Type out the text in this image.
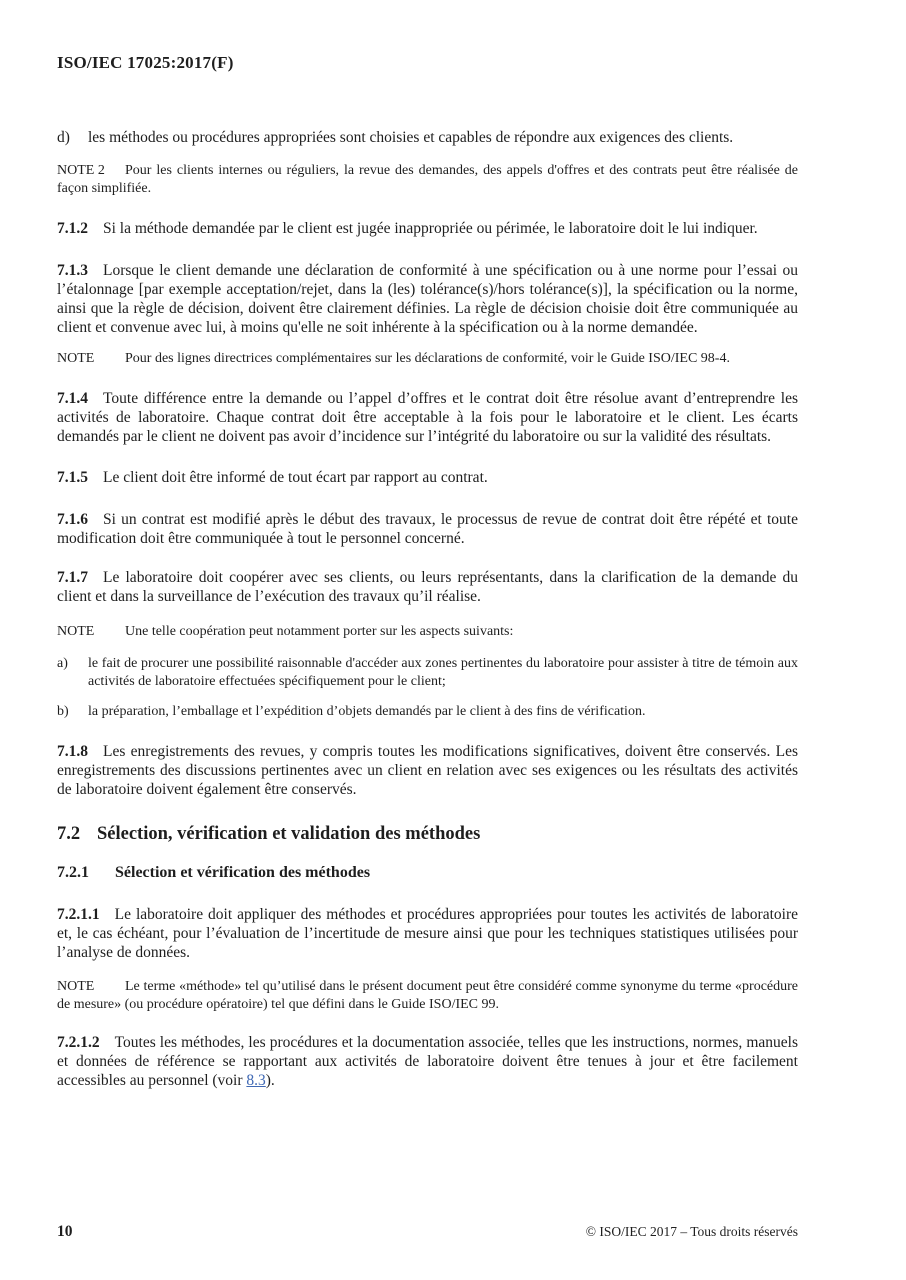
ISO/IEC 17025:2017(F)
d) les méthodes ou procédures appropriées sont choisies et capables de répondre aux exigences des clients.
NOTE 2 Pour les clients internes ou réguliers, la revue des demandes, des appels d'offres et des contrats peut être réalisée de façon simplifiée.
7.1.2 Si la méthode demandée par le client est jugée inappropriée ou périmée, le laboratoire doit le lui indiquer.
7.1.3 Lorsque le client demande une déclaration de conformité à une spécification ou à une norme pour l’essai ou l’étalonnage [par exemple acceptation/rejet, dans la (les) tolérance(s)/hors tolérance(s)], la spécification ou la norme, ainsi que la règle de décision, doivent être clairement définies. La règle de décision choisie doit être communiquée au client et convenue avec lui, à moins qu'elle ne soit inhérente à la spécification ou à la norme demandée.
NOTE Pour des lignes directrices complémentaires sur les déclarations de conformité, voir le Guide ISO/IEC 98-4.
7.1.4 Toute différence entre la demande ou l’appel d’offres et le contrat doit être résolue avant d’entreprendre les activités de laboratoire. Chaque contrat doit être acceptable à la fois pour le laboratoire et le client. Les écarts demandés par le client ne doivent pas avoir d’incidence sur l’intégrité du laboratoire ou sur la validité des résultats.
7.1.5 Le client doit être informé de tout écart par rapport au contrat.
7.1.6 Si un contrat est modifié après le début des travaux, le processus de revue de contrat doit être répété et toute modification doit être communiquée à tout le personnel concerné.
7.1.7 Le laboratoire doit coopérer avec ses clients, ou leurs représentants, dans la clarification de la demande du client et dans la surveillance de l’exécution des travaux qu’il réalise.
NOTE Une telle coopération peut notamment porter sur les aspects suivants:
a) le fait de procurer une possibilité raisonnable d'accéder aux zones pertinentes du laboratoire pour assister à titre de témoin aux activités de laboratoire effectuées spécifiquement pour le client;
b) la préparation, l’emballage et l’expédition d’objets demandés par le client à des fins de vérification.
7.1.8 Les enregistrements des revues, y compris toutes les modifications significatives, doivent être conservés. Les enregistrements des discussions pertinentes avec un client en relation avec ses exigences ou les résultats des activités de laboratoire doivent également être conservés.
7.2 Sélection, vérification et validation des méthodes
7.2.1 Sélection et vérification des méthodes
7.2.1.1 Le laboratoire doit appliquer des méthodes et procédures appropriées pour toutes les activités de laboratoire et, le cas échéant, pour l’évaluation de l’incertitude de mesure ainsi que pour les techniques statistiques utilisées pour l’analyse de données.
NOTE Le terme «méthode» tel qu’utilisé dans le présent document peut être considéré comme synonyme du terme «procédure de mesure» (ou procédure opératoire) tel que défini dans le Guide ISO/IEC 99.
7.2.1.2 Toutes les méthodes, les procédures et la documentation associée, telles que les instructions, normes, manuels et données de référence se rapportant aux activités de laboratoire doivent être tenues à jour et être facilement accessibles au personnel (voir 8.3).
10	© ISO/IEC 2017 – Tous droits réservés
